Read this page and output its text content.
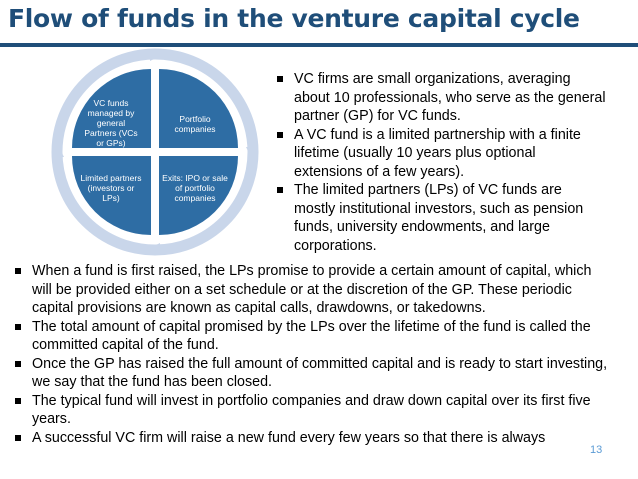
Flow of funds in the venture capital cycle
VC funds managed by general Partners (VCs or GPs)
Portfolio companies
Exits: IPO or sale of portfolio companies
Limited partners (investors or LPs)
VC firms are small organizations, averaging about 10 professionals, who serve as the general partner (GP) for VC funds.
A VC fund is a limited partnership with a finite lifetime (usually 10 years plus optional extensions of a few years).
The limited partners (LPs) of VC funds are mostly institutional investors, such as pension funds, university endowments, and large corporations.
When a fund is first raised, the LPs promise to provide a certain amount of capital, which will be provided either on a set schedule or at the discretion of the GP. These periodic capital provisions are known as capital calls, drawdowns, or takedowns.
The total amount of capital promised by the LPs over the lifetime of the fund is called the committed capital of the fund.
Once the GP has raised the full amount of committed capital and is ready to start investing, we say that the fund has been closed.
The typical fund will invest in portfolio companies and draw down capital over its first five years.
A successful VC firm will raise a new fund every few years so that there is always
13
